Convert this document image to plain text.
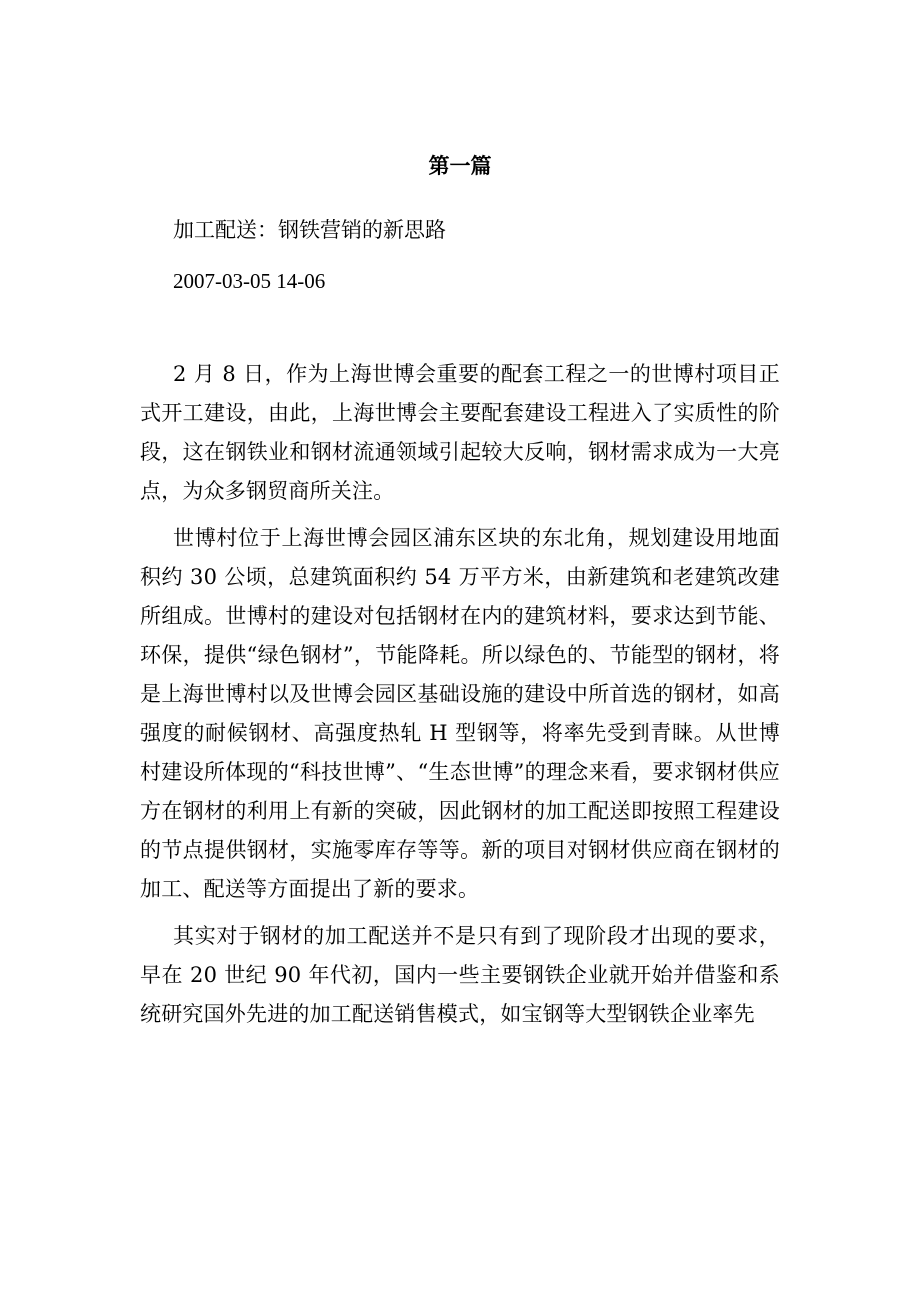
第一篇

加工配送：钢铁营销的新思路

2007-03-05 14-06

2 月 8 日，作为上海世博会重要的配套工程之一的世博村项目正式开工建设，由此，上海世博会主要配套建设工程进入了实质性的阶段，这在钢铁业和钢材流通领域引起较大反响，钢材需求成为一大亮点，为众多钢贸商所关注。

世博村位于上海世博会园区浦东区块的东北角，规划建设用地面积约 30 公顷，总建筑面积约 54 万平方米，由新建筑和老建筑改建所组成。世博村的建设对包括钢材在内的建筑材料，要求达到节能、环保，提供“绿色钢材”，节能降耗。所以绿色的、节能型的钢材，将是上海世博村以及世博会园区基础设施的建设中所首选的钢材，如高强度的耐候钢材、高强度热轧 H 型钢等，将率先受到青睐。从世博村建设所体现的“科技世博”、“生态世博”的理念来看，要求钢材供应方在钢材的利用上有新的突破，因此钢材的加工配送即按照工程建设的节点提供钢材，实施零库存等等。新的项目对钢材供应商在钢材的加工、配送等方面提出了新的要求。

其实对于钢材的加工配送并不是只有到了现阶段才出现的要求，早在 20 世纪 90 年代初，国内一些主要钢铁企业就开始并借鉴和系统研究国外先进的加工配送销售模式，如宝钢等大型钢铁企业率先
